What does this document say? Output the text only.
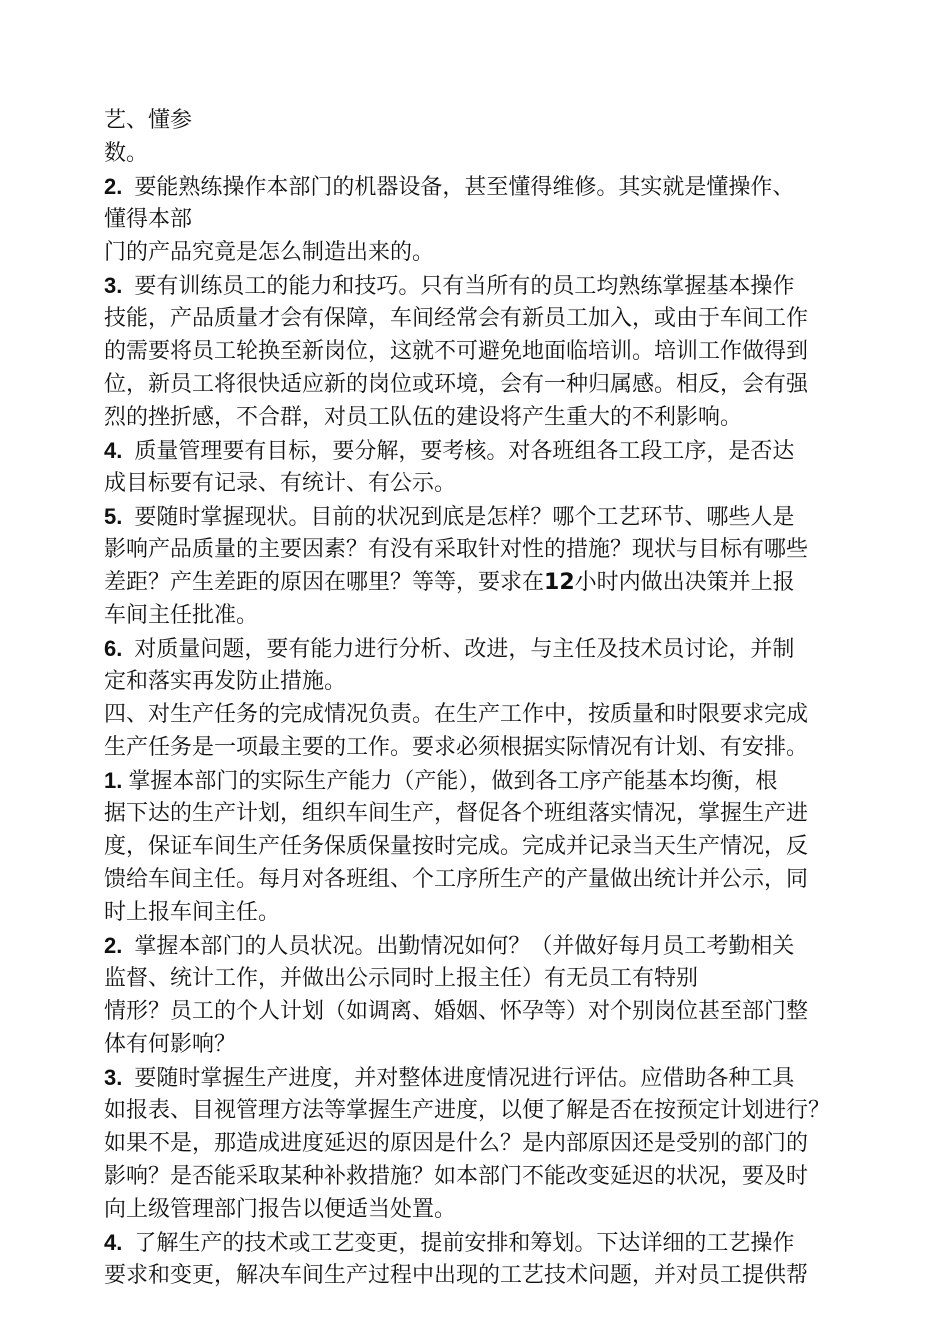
艺、懂参
数。
2. 要能熟练操作本部门的机器设备，甚至懂得维修。其实就是懂操作、
懂得本部
门的产品究竟是怎么制造出来的。
3. 要有训练员工的能力和技巧。只有当所有的员工均熟练掌握基本操作
技能，产品质量才会有保障，车间经常会有新员工加入，或由于车间工作
的需要将员工轮换至新岗位，这就不可避免地面临培训。培训工作做得到
位，新员工将很快适应新的岗位或环境，会有一种归属感。相反，会有强
烈的挫折感，不合群，对员工队伍的建设将产生重大的不利影响。
4. 质量管理要有目标，要分解，要考核。对各班组各工段工序，是否达
成目标要有记录、有统计、有公示。
5. 要随时掌握现状。目前的状况到底是怎样？哪个工艺环节、哪些人是
影响产品质量的主要因素？有没有采取针对性的措施？现状与目标有哪些
差距？产生差距的原因在哪里？等等，要求在12小时内做出决策并上报
车间主任批准。
6. 对质量问题，要有能力进行分析、改进，与主任及技术员讨论，并制
定和落实再发防止措施。
四、对生产任务的完成情况负责。在生产工作中，按质量和时限要求完成
生产任务是一项最主要的工作。要求必须根据实际情况有计划、有安排。
1. 掌握本部门的实际生产能力（产能），做到各工序产能基本均衡，根
据下达的生产计划，组织车间生产，督促各个班组落实情况，掌握生产进
度，保证车间生产任务保质保量按时完成。完成并记录当天生产情况，反
馈给车间主任。每月对各班组、个工序所生产的产量做出统计并公示，同
时上报车间主任。
2. 掌握本部门的人员状况。出勤情况如何？（并做好每月员工考勤相关
监督、统计工作，并做出公示同时上报主任）有无员工有特别
情形？员工的个人计划（如调离、婚姻、怀孕等）对个别岗位甚至部门整
体有何影响？
3. 要随时掌握生产进度，并对整体进度情况进行评估。应借助各种工具
如报表、目视管理方法等掌握生产进度，以便了解是否在按预定计划进行？
如果不是，那造成进度延迟的原因是什么？是内部原因还是受别的部门的
影响？是否能采取某种补救措施？如本部门不能改变延迟的状况，要及时
向上级管理部门报告以便适当处置。
4. 了解生产的技术或工艺变更，提前安排和筹划。下达详细的工艺操作
要求和变更，解决车间生产过程中出现的工艺技术问题，并对员工提供帮
